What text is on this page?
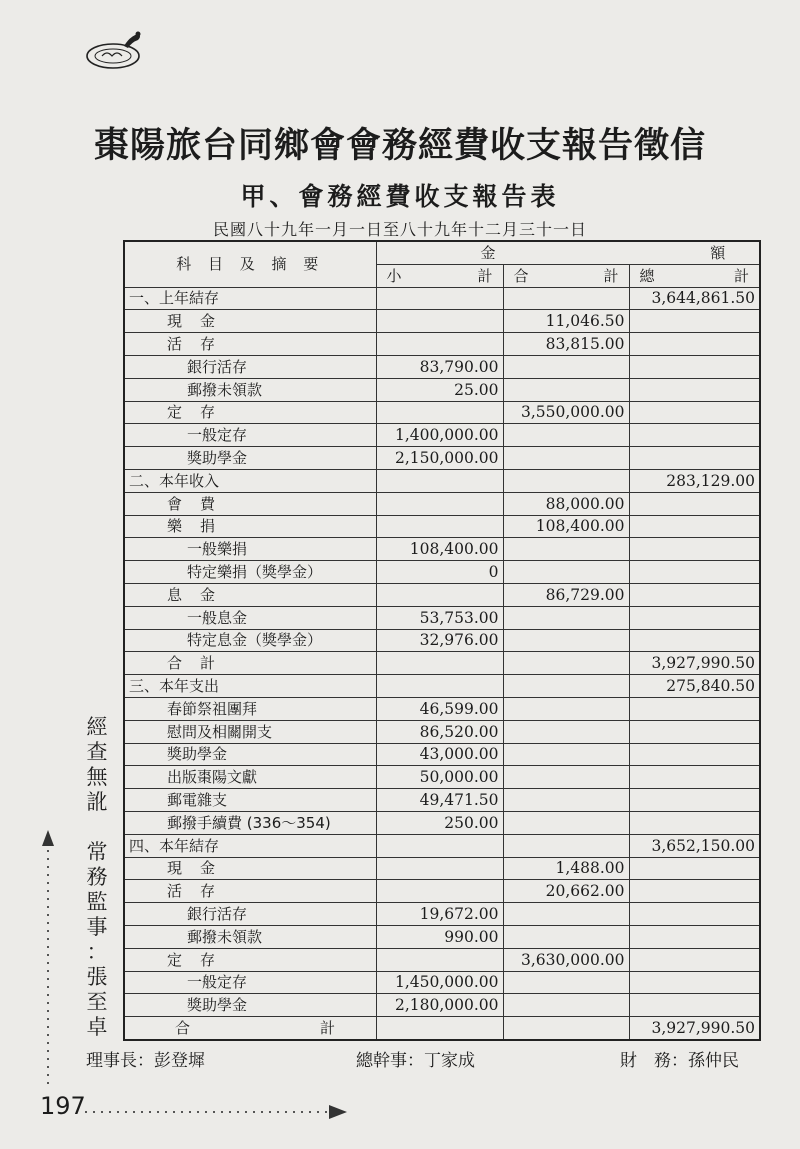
棗陽旅台同鄉會會務經費收支報告徵信
甲、會務經費收支報告表
民國八十九年一月一日至八十九年十二月三十一日
科 目 及 摘 要	金 額		

	小 計	合 計	總 計

一、上年結存			3,644,861.50
現金		11,046.50	
活存		83,815.00	
銀行活存	83,790.00		
郵撥未領款	25.00		
定存		3,550,000.00	
一般定存	1,400,000.00		
獎助學金	2,150,000.00		
二、本年收入			283,129.00
會費		88,000.00	
樂捐		108,400.00	
一般樂捐	108,400.00		
特定樂捐（獎學金）	0		
息金		86,729.00	
一般息金	53,753.00		
特定息金（獎學金）	32,976.00		
合計			3,927,990.50
三、本年支出			275,840.50
春節祭祖團拜	46,599.00		
慰問及相關開支	86,520.00		
獎助學金	43,000.00		
出版棗陽文獻	50,000.00		
郵電雜支	49,471.50		
郵撥手續費 (336～354)	250.00		
四、本年結存			3,652,150.00
現金		1,488.00	
活存		20,662.00	
銀行活存	19,672.00		
郵撥未領款	990.00		
定存		3,630,000.00	
一般定存	1,450,000.00		
獎助學金	2,180,000.00		
合計			3,927,990.50
理事長：彭登墀	總幹事：丁家成	財　務：孫仲民
經
查
無
訛

常
務
監
事
：
張
至
卓
197
